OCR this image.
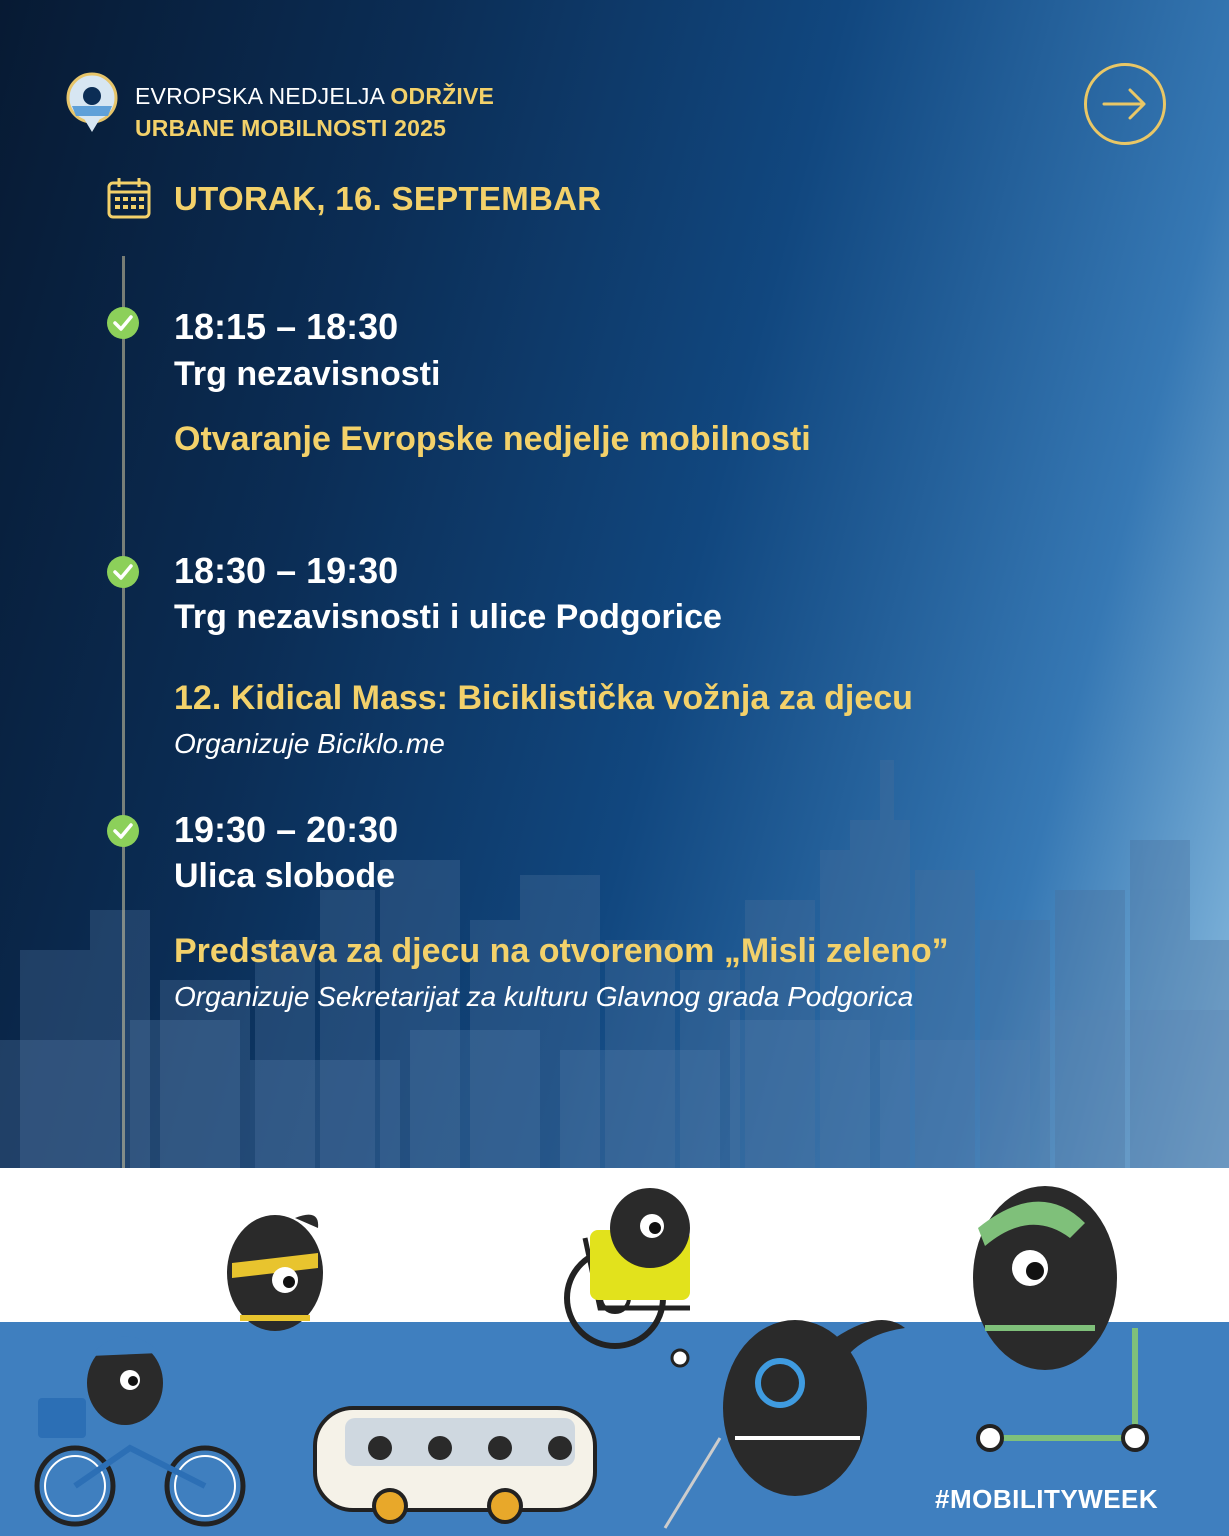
EVROPSKA NEDJELJA ODRŽIVE
URBANE MOBILNOSTI 2025
UTORAK, 16. SEPTEMBAR
18:15 – 18:30
Trg nezavisnosti
Otvaranje Evropske nedjelje mobilnosti
18:30 – 19:30
Trg nezavisnosti i ulice Podgorice
12. Kidical Mass: Biciklistička vožnja za djecu
Organizuje Biciklo.me
19:30 – 20:30
Ulica slobode
Predstava za djecu na otvorenom „Misli zeleno”
Organizuje Sekretarijat za kulturu Glavnog grada Podgorica
#MOBILITYWEEK
